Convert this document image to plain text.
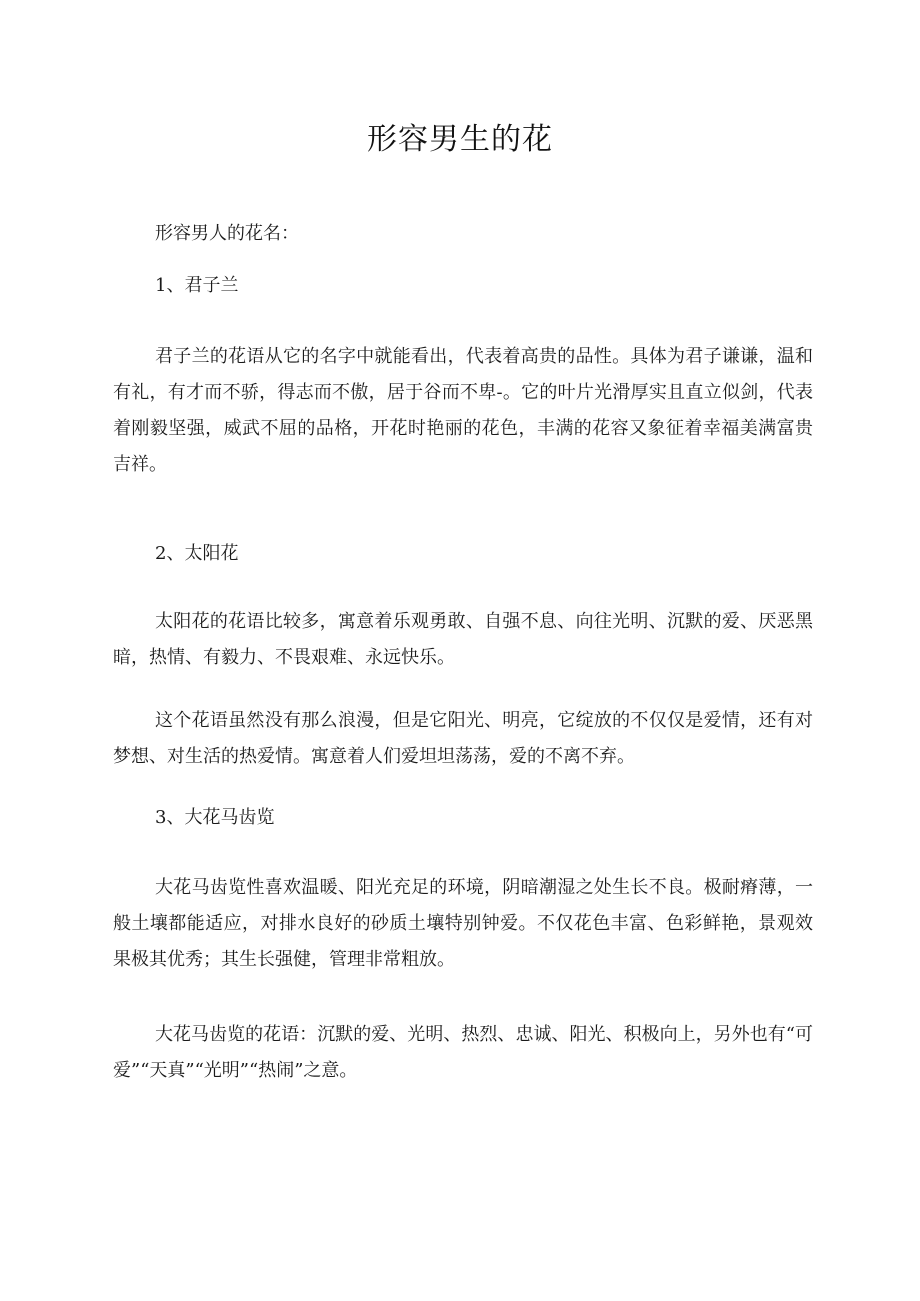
形容男生的花

形容男人的花名：

1、君子兰

君子兰的花语从它的名字中就能看出，代表着高贵的品性。具体为君子谦谦，温和有礼，有才而不骄，得志而不傲，居于谷而不卑-。它的叶片光滑厚实且直立似剑，代表着刚毅坚强，威武不屈的品格，开花时艳丽的花色，丰满的花容又象征着幸福美满富贵吉祥。

2、太阳花

太阳花的花语比较多，寓意着乐观勇敢、自强不息、向往光明、沉默的爱、厌恶黑暗，热情、有毅力、不畏艰难、永远快乐。

这个花语虽然没有那么浪漫，但是它阳光、明亮，它绽放的不仅仅是爱情，还有对梦想、对生活的热爱情。寓意着人们爱坦坦荡荡，爱的不离不弃。

3、大花马齿览

大花马齿览性喜欢温暖、阳光充足的环境，阴暗潮湿之处生长不良。极耐瘠薄，一般土壤都能适应，对排水良好的砂质土壤特别钟爱。不仅花色丰富、色彩鲜艳，景观效果极其优秀；其生长强健，管理非常粗放。

大花马齿览的花语：沉默的爱、光明、热烈、忠诚、阳光、积极向上，另外也有“可爱”“天真”“光明”“热闹”之意。
